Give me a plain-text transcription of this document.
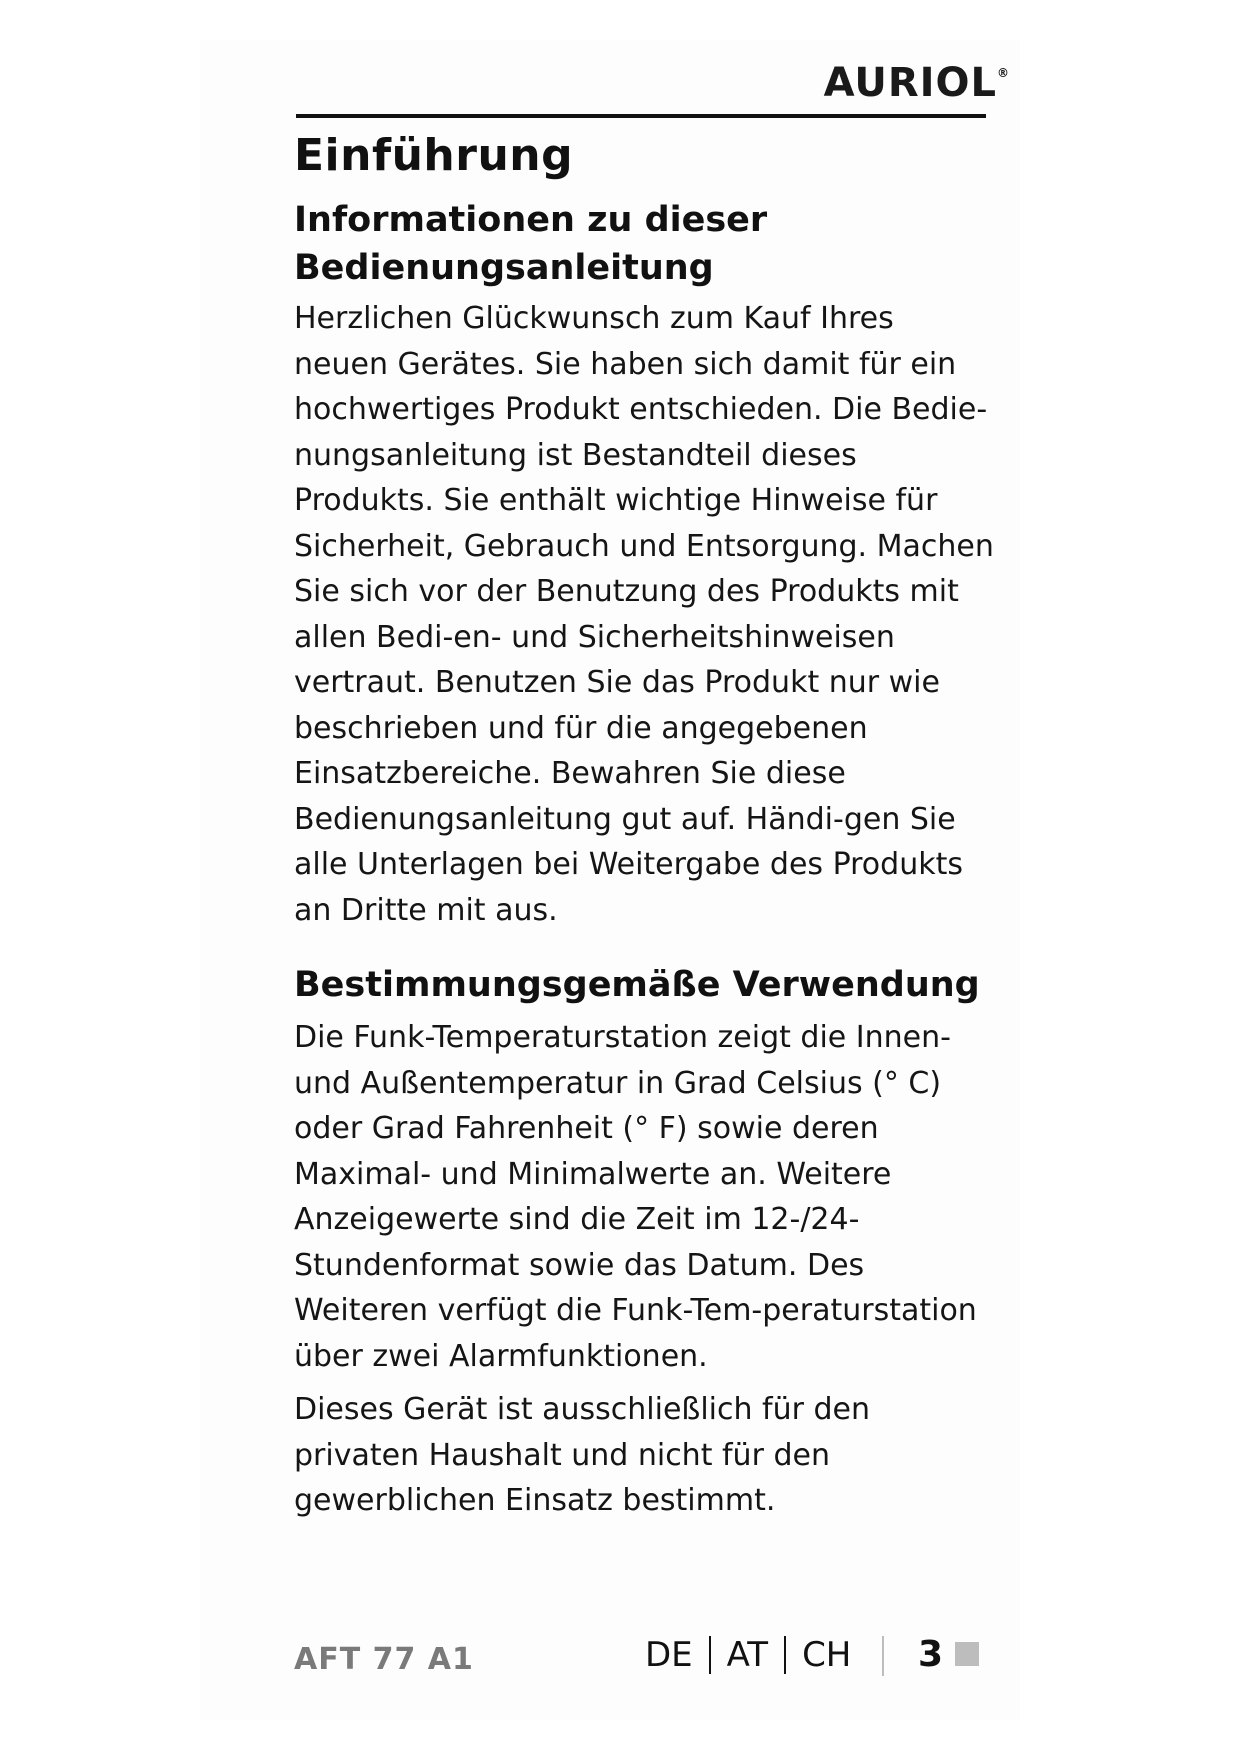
AURIOL®
Einführung
Informationen zu dieser
Bedienungsanleitung

Herzlichen Glückwunsch zum Kauf Ihres neuen Gerätes. Sie haben sich damit für ein hochwertiges Produkt entschieden. Die Bedie-nungsanleitung ist Bestandteil dieses Produkts. Sie enthält wichtige Hinweise für Sicherheit, Gebrauch und Entsorgung. Machen Sie sich vor der Benutzung des Produkts mit allen Bedi-en- und Sicherheitshinweisen vertraut. Benutzen Sie das Produkt nur wie beschrieben und für die angegebenen Einsatzbereiche. Bewahren Sie diese Bedienungsanleitung gut auf. Händi-gen Sie alle Unterlagen bei Weitergabe des Produkts an Dritte mit aus.

Bestimmungsgemäße Verwendung

Die Funk-Temperaturstation zeigt die Innen- und Außentemperatur in Grad Celsius (° C) oder Grad Fahrenheit (° F) sowie deren Maximal- und Minimalwerte an. Weitere Anzeigewerte sind die Zeit im 12-/24-Stundenformat sowie das Datum. Des Weiteren verfügt die Funk-Tem-peraturstation über zwei Alarmfunktionen.

Dieses Gerät ist ausschließlich für den privaten Haushalt und nicht für den gewerblichen Einsatz bestimmt.

AFT 77 A1	DE AT CH 3
